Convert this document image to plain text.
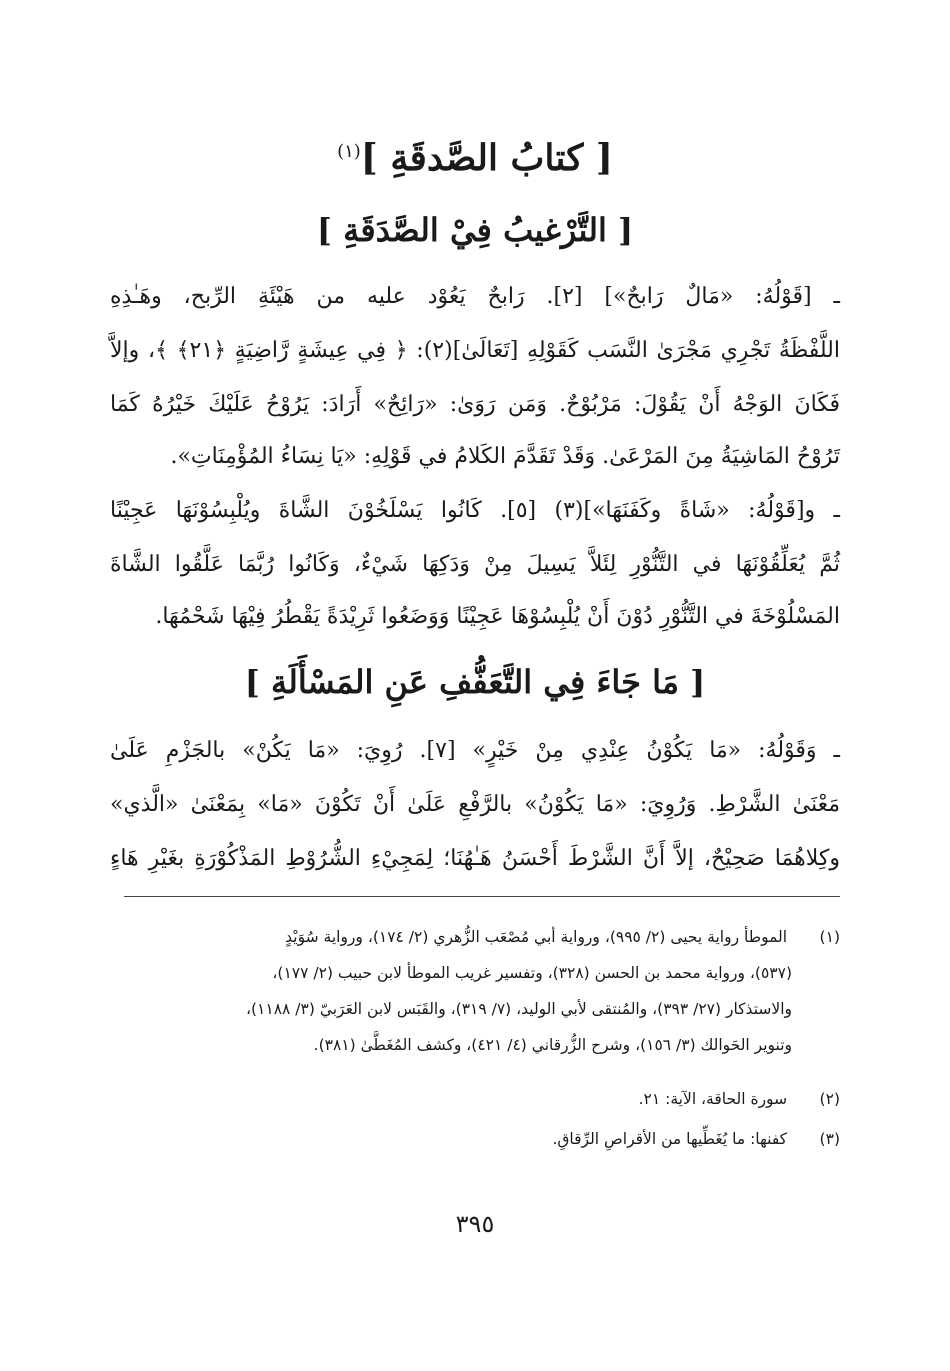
[ كتابُ الصَّدقَةِ ]$^{(١)}$
[ التَّرْغيبُ فِيْ الصَّدَقَةِ ]
ـ [قَوْلُهُ: «مَالٌ رَابحٌ»] [٢]. رَابحٌ يَعُوْد عليه من هَيْئَةِ الرِّبح، وهَـٰذِهِ
اللَّفْظَةُ تَجْرِي مَجْرَىٰ النَّسَب كَقَوْلِهِ [تَعَالَىٰ](٢): ﴿ فِي عِيشَةٍ رَّاضِيَةٍ ﴿٢١﴾ ﴾، وإلاَّ
فَكَانَ الوَجْهُ أَنْ يَقُوْلَ: مَرْبُوْحٌ. وَمَن رَوَىٰ: «رَائِحٌ» أَرَادَ: يَرُوْحُ عَلَيْكَ خَيْرُهُ كَمَا
تَرُوْحُ المَاشِيَةُ مِنَ المَرْعَىٰ. وَقَدْ تَقَدَّمَ الكَلامُ في قَوْلِهِ: «يَا نِسَاءُ المُؤْمِنَاتِ».
ـ و[قَوْلُهُ: «شَاةً وكَفَنَهَا»](٣) [٥]. كَانُوا يَسْلَخُوْنَ الشَّاةَ ويُلْبِسُوْنَهَا عَجِيْنًا
ثُمَّ يُعَلِّقُوْنَهَا في التَّنُّوْرِ لِئَلاَّ يَسِيلَ مِنْ وَدَكِهَا شَيْءٌ، وَكَانُوا رُبَّمَا عَلَّقُوا الشَّاةَ
المَسْلُوْخَةَ في التَّنُّوْرِ دُوْنَ أَنْ يُلْبِسُوْهَا عَجِيْنًا وَوَضَعُوا ثَرِيْدَةً يَقْطُرُ فِيْهَا شَحْمُهَا.
[ مَا جَاءَ فِي التَّعَفُّفِ عَنِ المَسْأَلَةِ ]
ـ وَقَوْلُهُ: «مَا يَكُوْنُ عِنْدِي مِنْ خَيْرٍ» [٧]. رُوِيَ: «مَا يَكُنْ» بالجَزْمِ عَلَىٰ
مَعْنَىٰ الشَّرْطِ. وَرُوِيَ: «مَا يَكُوْنُ» بالرَّفْعِ عَلَىٰ أَنْ تَكُوْنَ «مَا» بِمَعْنَىٰ «الَّذي»
وكِلاهُمَا صَحِيْحٌ، إلاَّ أَنَّ الشَّرْطَ أَحْسَنُ هَـٰهُنَا؛ لِمَجِيْءِ الشُّرُوْطِ المَذْكُوْرَةِ بغَيْرِ هَاءٍ
(١) الموطأ رواية يحيى (٢/ ٩٩٥)، ورواية أبي مُصْعَب الزُّهري (٢/ ١٧٤)، ورواية سُوَيْدٍ
(٥٣٧)، ورواية محمد بن الحسن (٣٢٨)، وتفسير غريب الموطأ لابن حبيب (٢/ ١٧٧)،
والاستذكار (٢٧/ ٣٩٣)، والمُنتقى لأبي الوليد، (٧/ ٣١٩)، والقَبَس لابن العَرَبيّ (٣/ ١١٨٨)،
وتنوير الحَوالك (٣/ ١٥٦)، وشرح الزُّرقاني (٤/ ٤٢١)، وكشف المُغَطَّىٰ (٣٨١).
(٢) سورة الحاقة، الآية: ٢١.
(٣) كفنها: ما يُغَطِّيها من الأقراصِ الرِّقاقِ.
٣٩٥
